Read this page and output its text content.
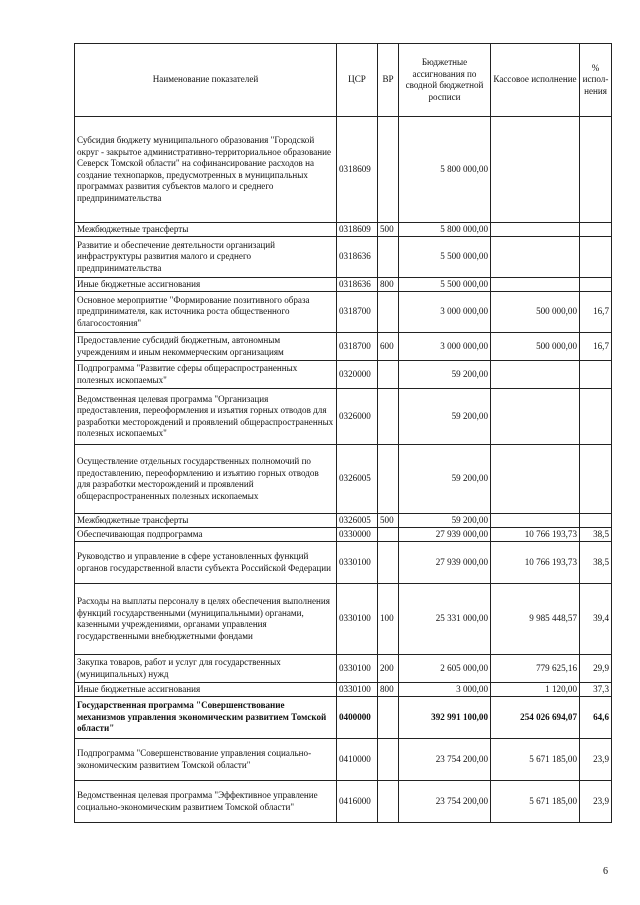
Наименование показателей	ЦСР	ВР	Бюджетные ассигнования по сводной бюджетной росписи	Кассовое исполнение	% испол-нения
Субсидия бюджету муниципального образования "Городской округ - закрытое административно-территориальное образование Северск Томской области" на софинансирование расходов на создание технопарков, предусмотренных в муниципальных программах развития субъектов малого и среднего предпринимательства	0318609		5 800 000,00		
Межбюджетные трансферты	0318609	500	5 800 000,00		
Развитие и обеспечение деятельности организаций инфраструктуры развития малого и среднего предпринимательства	0318636		5 500 000,00		
Иные бюджетные ассигнования	0318636	800	5 500 000,00		
Основное мероприятие "Формирование позитивного образа предпринимателя, как источника роста общественного благосостояния"	0318700		3 000 000,00	500 000,00	16,7
Предоставление субсидий бюджетным, автономным учреждениям и иным некоммерческим организациям	0318700	600	3 000 000,00	500 000,00	16,7
Подпрограмма "Развитие сферы общераспространенных полезных ископаемых"	0320000		59 200,00		
Ведомственная целевая программа "Организация предоставления, переоформления и изъятия горных отводов для разработки месторождений и проявлений общераспространенных полезных ископаемых"	0326000		59 200,00		
Осуществление отдельных государственных полномочий по предоставлению, переоформлению и изъятию горных отводов для разработки месторождений и проявлений общераспространенных полезных ископаемых	0326005		59 200,00		
Межбюджетные трансферты	0326005	500	59 200,00		
Обеспечивающая подпрограмма	0330000		27 939 000,00	10 766 193,73	38,5
Руководство и управление в сфере установленных функций органов государственной власти субъекта Российской Федерации	0330100		27 939 000,00	10 766 193,73	38,5
Расходы на выплаты персоналу в целях обеспечения выполнения функций государственными (муниципальными) органами, казенными учреждениями, органами управления государственными внебюджетными фондами	0330100	100	25 331 000,00	9 985 448,57	39,4
Закупка товаров, работ и услуг для государственных (муниципальных) нужд	0330100	200	2 605 000,00	779 625,16	29,9
Иные бюджетные ассигнования	0330100	800	3 000,00	1 120,00	37,3
Государственная программа "Совершенствование механизмов управления экономическим развитием Томской области"	0400000		392 991 100,00	254 026 694,07	64,6
Подпрограмма "Совершенствование управления социально-экономическим развитием Томской области"	0410000		23 754 200,00	5 671 185,00	23,9
Ведомственная целевая программа "Эффективное управление социально-экономическим развитием Томской области"	0416000		23 754 200,00	5 671 185,00	23,9
6
